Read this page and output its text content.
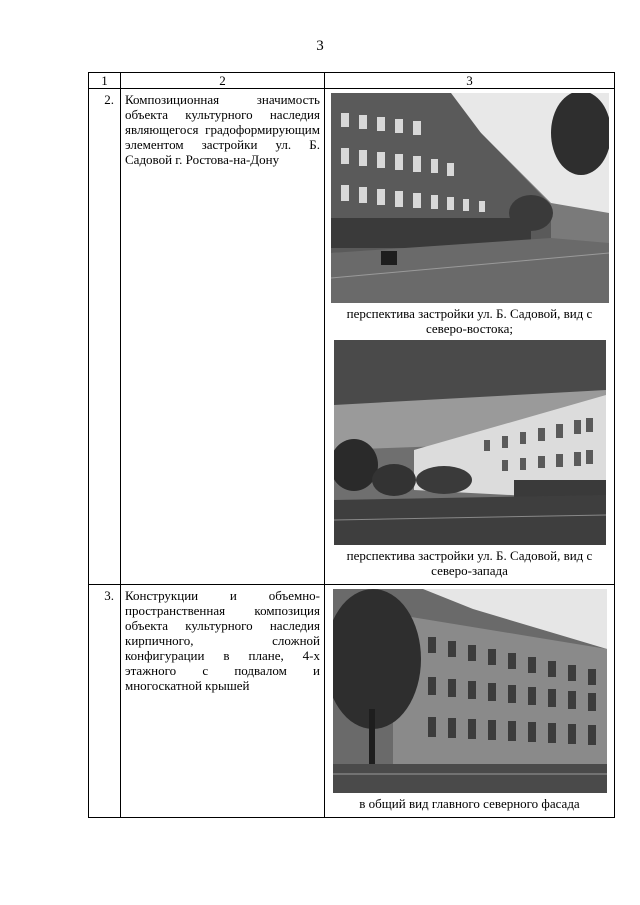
3
1	2	3
2.	Композиционная значимость объекта культурного наследия являющегося градоформирующим элементом застройки ул. Б. Садовой г. Ростова-на-Дону	перспектива застройки ул. Б. Садовой, вид с северо-востока;
перспектива застройки ул. Б. Садовой, вид с северо-запада

3.	Конструкции и объемно-пространственная композиция объекта культурного наследия кирпичного, сложной конфигурации в плане, 4-х этажного с подвалом и многоскатной крышей	в общий вид главного северного фасада
